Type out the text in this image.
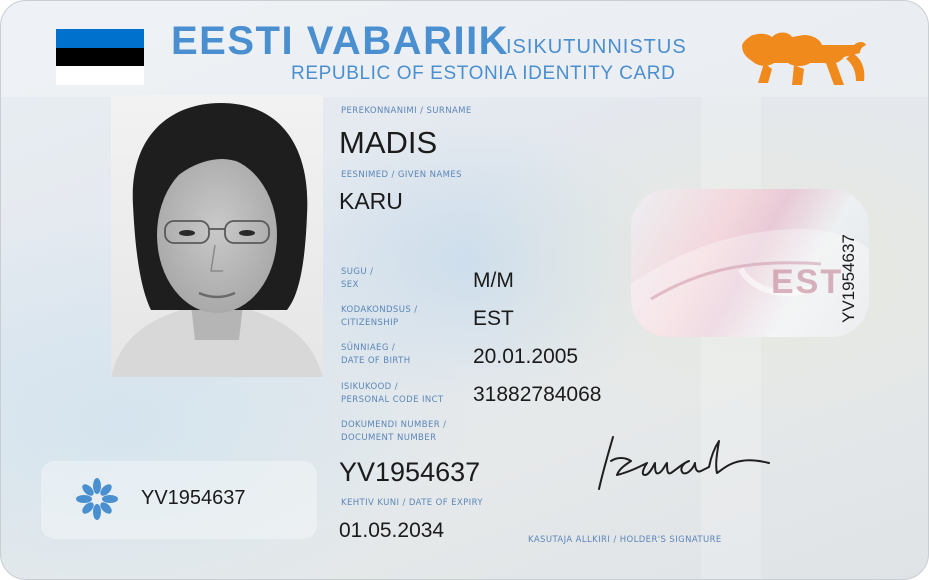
EESTI VABARIIK
ISIKUTUNNISTUS
REPUBLIC OF ESTONIA IDENTITY CARD
PEREKONNANIMI / SURNAME
MADIS
EESNIMED / GIVEN NAMES
KARU
SUGU /
SEX	M/M
KODAKONDSUS /
CITIZENSHIP	EST
SÜNNIAEG /
DATE OF BIRTH	20.01.2005
ISIKUKOOD /
PERSONAL CODE INCT 31882784068
DOKUMENDI NUMBER /
DOCUMENT NUMBER
YV1954637
KEHTIV KUNI / DATE OF EXPIRY
01.05.2034
EST
YV1954637
YV1954637
KASUTAJA ALLKIRI / HOLDER'S SIGNATURE
